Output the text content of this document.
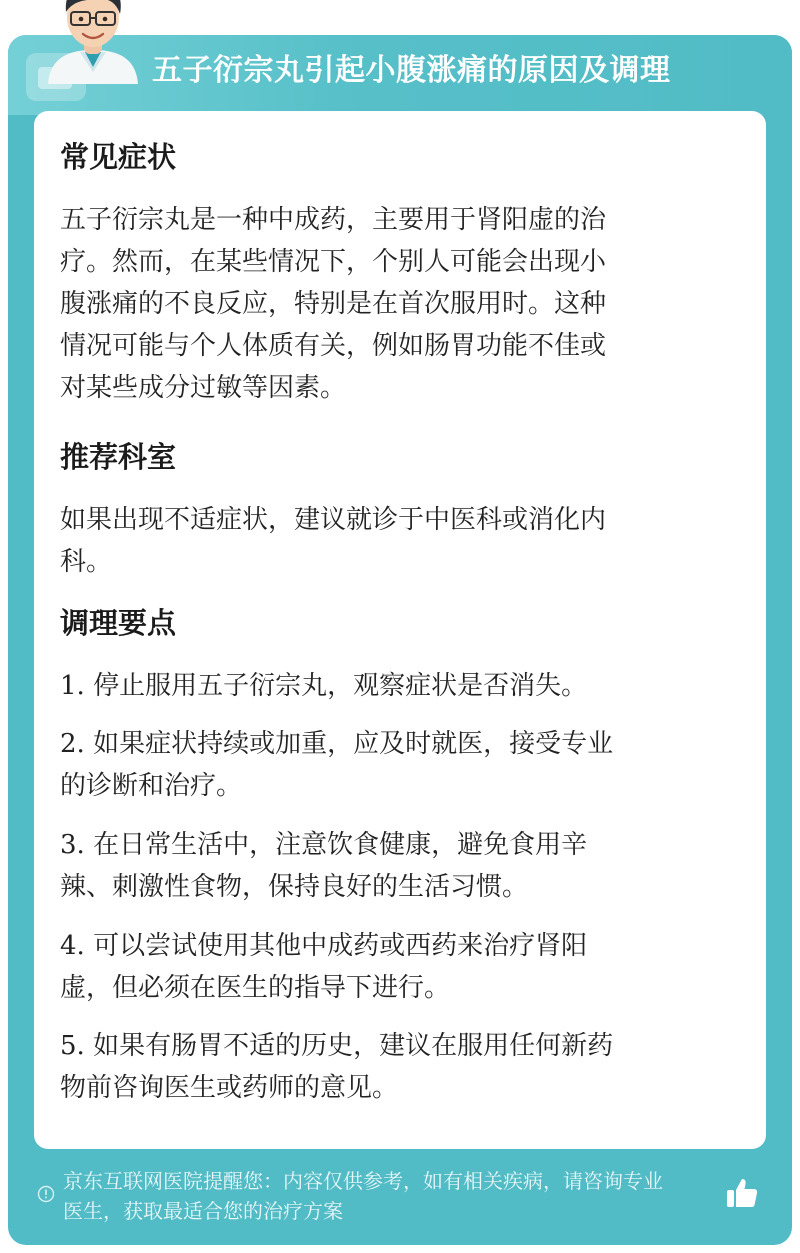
五子衍宗丸引起小腹涨痛的原因及调理
常见症状
五子衍宗丸是一种中成药，主要用于肾阳虚的治
疗。然而，在某些情况下，个别人可能会出现小
腹涨痛的不良反应，特别是在首次服用时。这种
情况可能与个人体质有关，例如肠胃功能不佳或
对某些成分过敏等因素。
推荐科室
如果出现不适症状，建议就诊于中医科或消化内
科。
调理要点
1. 停止服用五子衍宗丸，观察症状是否消失。
2. 如果症状持续或加重，应及时就医，接受专业
的诊断和治疗。
3. 在日常生活中，注意饮食健康，避免食用辛
辣、刺激性食物，保持良好的生活习惯。
4. 可以尝试使用其他中成药或西药来治疗肾阳
虚，但必须在医生的指导下进行。
5. 如果有肠胃不适的历史，建议在服用任何新药
物前咨询医生或药师的意见。
京东互联网医院提醒您：内容仅供参考，如有相关疾病，请咨询专业
医生，获取最适合您的治疗方案
